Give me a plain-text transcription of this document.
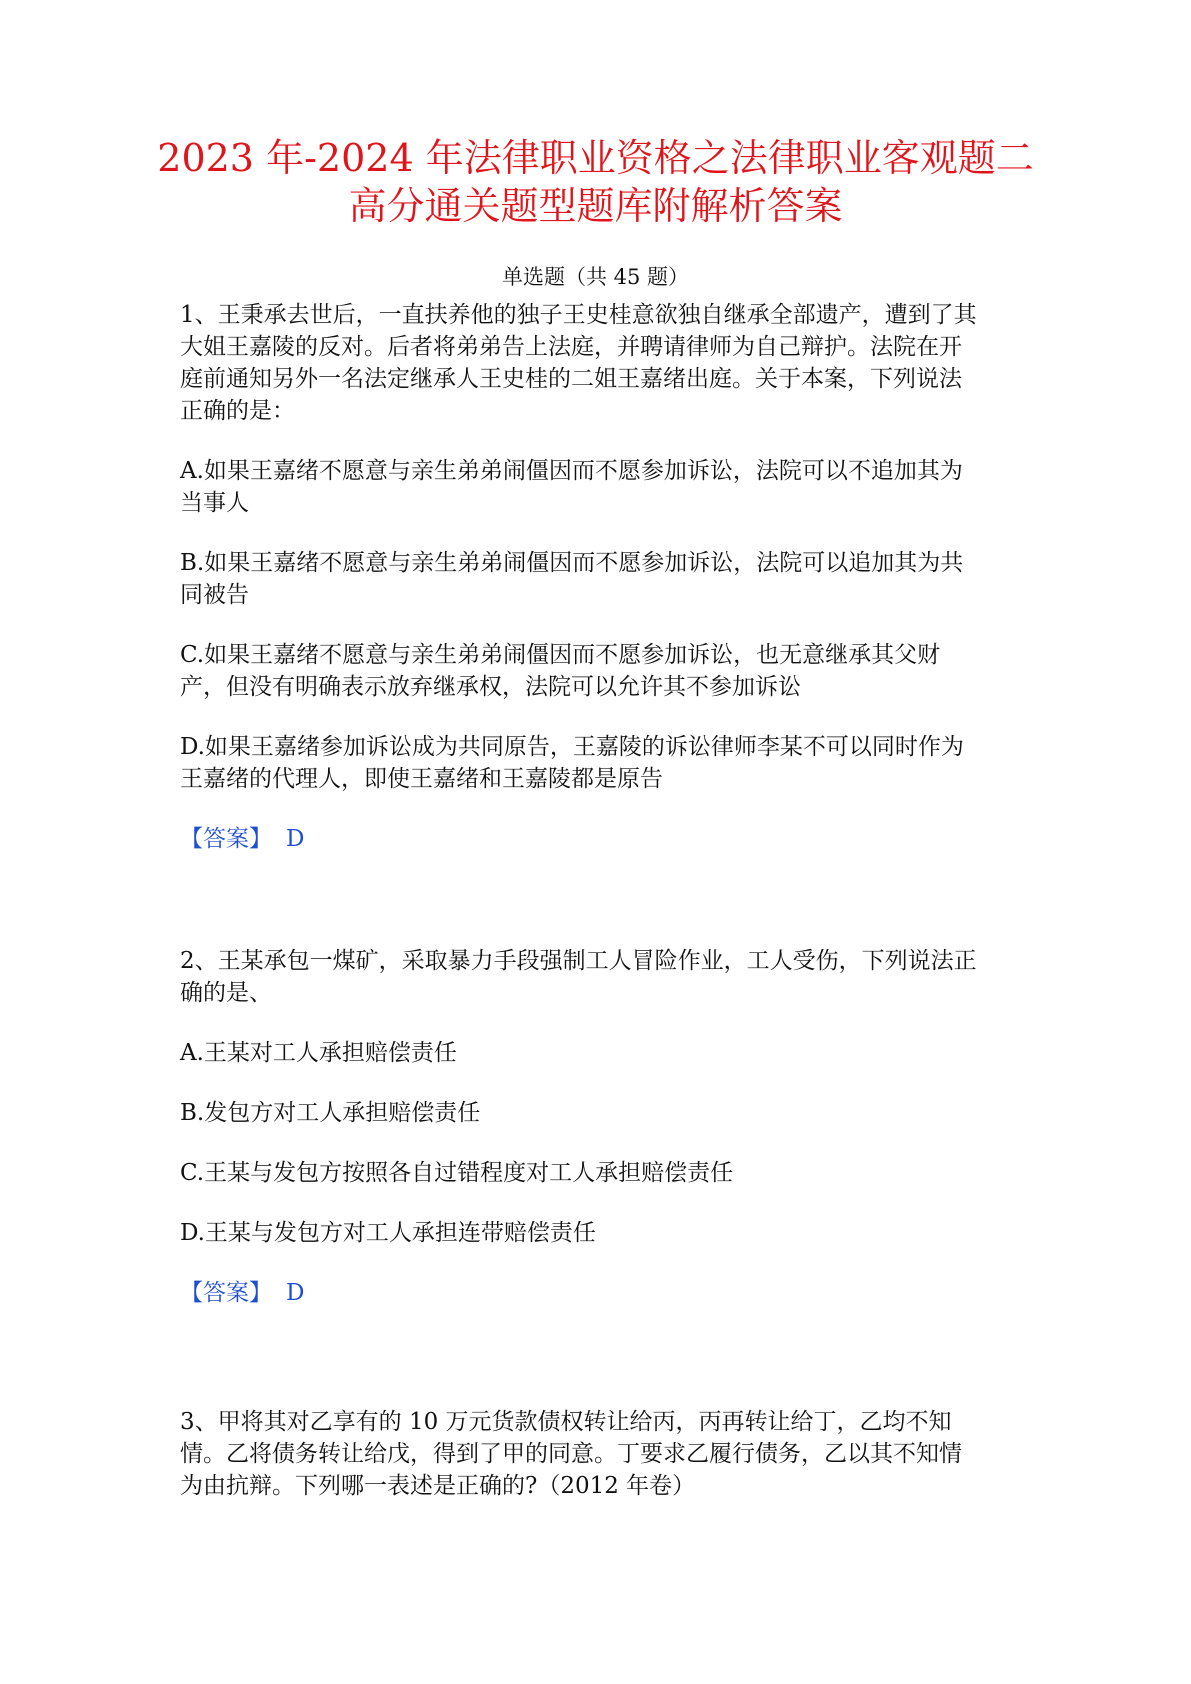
2023 年-2024 年法律职业资格之法律职业客观题二
高分通关题型题库附解析答案
单选题（共 45 题）
1、王秉承去世后，一直扶养他的独子王史桂意欲独自继承全部遗产，遭到了其
大姐王嘉陵的反对。后者将弟弟告上法庭，并聘请律师为自己辩护。法院在开
庭前通知另外一名法定继承人王史桂的二姐王嘉绪出庭。关于本案，下列说法
正确的是：
A.如果王嘉绪不愿意与亲生弟弟闹僵因而不愿参加诉讼，法院可以不追加其为
当事人
B.如果王嘉绪不愿意与亲生弟弟闹僵因而不愿参加诉讼，法院可以追加其为共
同被告
C.如果王嘉绪不愿意与亲生弟弟闹僵因而不愿参加诉讼，也无意继承其父财
产，但没有明确表示放弃继承权，法院可以允许其不参加诉讼
D.如果王嘉绪参加诉讼成为共同原告，王嘉陵的诉讼律师李某不可以同时作为
王嘉绪的代理人，即使王嘉绪和王嘉陵都是原告
【答案】 D
2、王某承包一煤矿，采取暴力手段强制工人冒险作业，工人受伤，下列说法正
确的是、
A.王某对工人承担赔偿责任
B.发包方对工人承担赔偿责任
C.王某与发包方按照各自过错程度对工人承担赔偿责任
D.王某与发包方对工人承担连带赔偿责任
【答案】 D
3、甲将其对乙享有的 10 万元货款债权转让给丙，丙再转让给丁，乙均不知
情。乙将债务转让给戊，得到了甲的同意。丁要求乙履行债务，乙以其不知情
为由抗辩。下列哪一表述是正确的?（2012 年卷）
